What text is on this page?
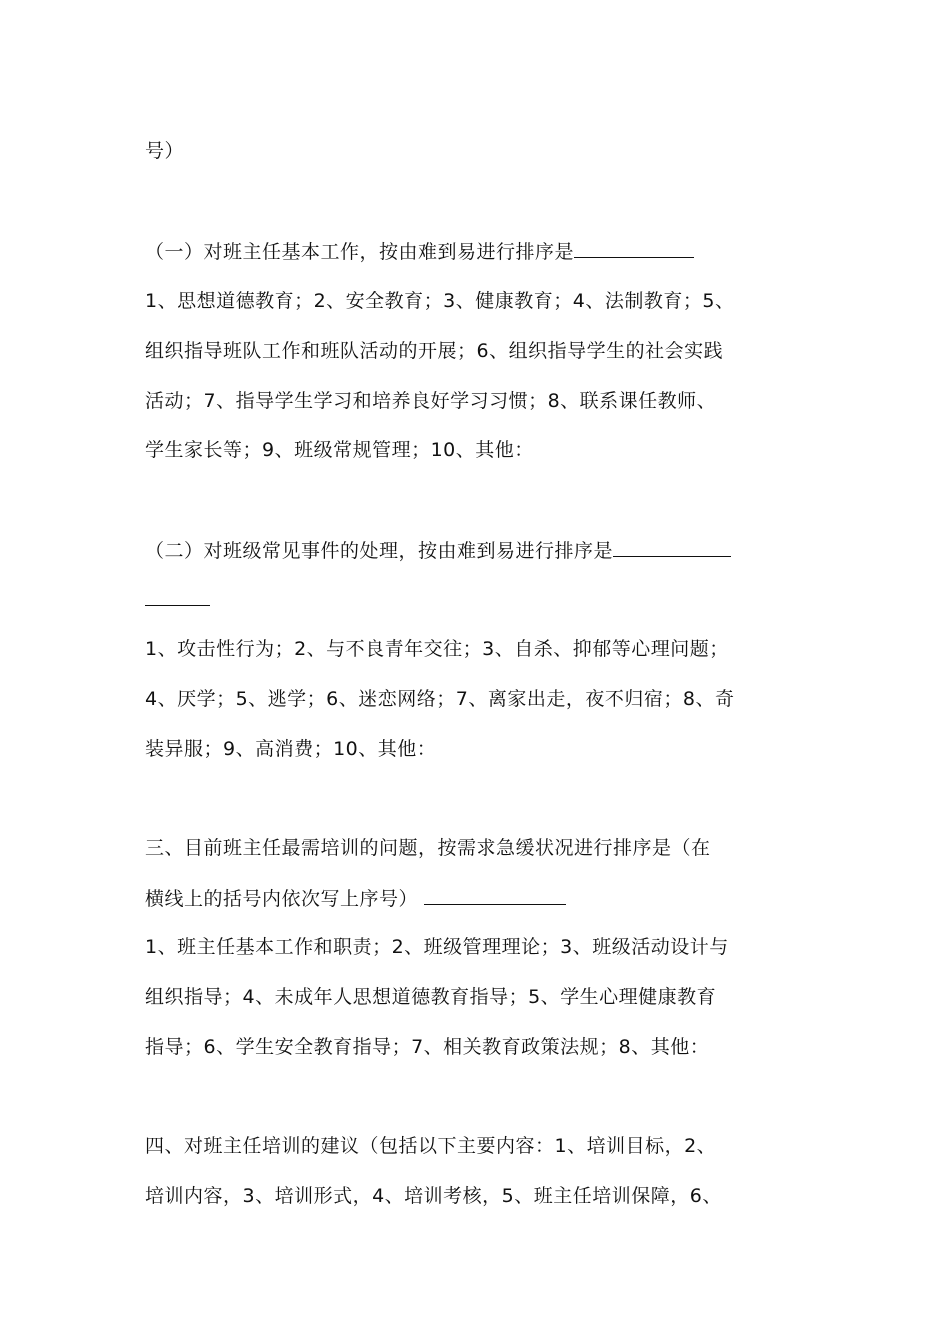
号）
（一）对班主任基本工作，按由难到易进行排序是
1、思想道德教育；2、安全教育；3、健康教育；4、法制教育；5、
组织指导班队工作和班队活动的开展；6、组织指导学生的社会实践
活动；7、指导学生学习和培养良好学习习惯；8、联系课任教师、
学生家长等；9、班级常规管理；10、其他：
（二）对班级常见事件的处理，按由难到易进行排序是
1、攻击性行为；2、与不良青年交往；3、自杀、抑郁等心理问题；
4、厌学；5、逃学；6、迷恋网络；7、离家出走，夜不归宿；8、奇
装异服；9、高消费；10、其他：
三、目前班主任最需培训的问题，按需求急缓状况进行排序是（在
横线上的括号内依次写上序号）
1、班主任基本工作和职责；2、班级管理理论；3、班级活动设计与
组织指导；4、未成年人思想道德教育指导；5、学生心理健康教育
指导；6、学生安全教育指导；7、相关教育政策法规；8、其他：
四、对班主任培训的建议（包括以下主要内容：1、培训目标，2、
培训内容，3、培训形式，4、培训考核，5、班主任培训保障，6、
